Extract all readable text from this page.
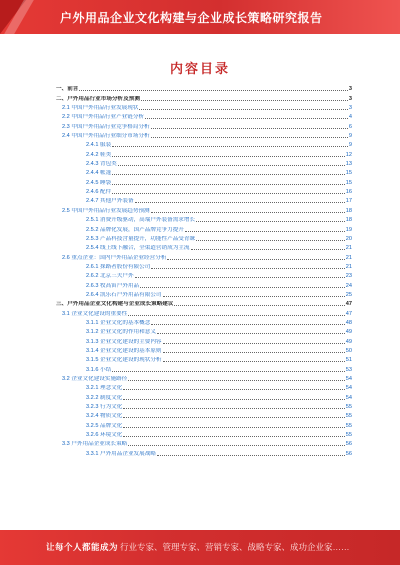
户外用品企业文化构建与企业成长策略研究报告
内容目录
一、前言	3
二、户外用品行业市场分析及预测	3
2.1 中国户外用品行业发展现状	3
2.2 中国户外用品行业产业链分析	4
2.3 中国户外用品行业竞争格局分析	6
2.4 中国户外用品行业细分市场分析	9
2.4.1 服装	9
2.4.2 鞋类	12
2.4.3 背包类	13
2.4.4 帐篷	15
2.4.5 睡袋	15
2.4.6 配件	16
2.4.7 其他户外装备	17
2.5 中国户外用品行业发展趋势预测	18
2.5.1 消费升级驱动，高端户外装备需求增长	18
2.5.2 品牌化发展，国产品牌竞争力提升	19
2.5.3 产品科技含量提升，功能性产品受青睐	20
2.5.4 线上线下融合，全渠道营销成为主流	21
2.6 重点企业：国内户外用品企业经营分析	21
2.6.1 探路者股份有限公司	21
2.6.2 北京三夫户外	23
2.6.3 牧高笛户外用品	24
2.6.4 凯乐石户外用品有限公司	25
三、户外用品企业文化构建与企业成长策略建议	47
3.1 企业文化建设的重要性	47
3.1.1 企业文化的基本概念	48
3.1.2 企业文化的作用和意义	49
3.1.3 企业文化建设的主要内容	49
3.1.4 企业文化建设的基本原则	50
3.1.5 企业文化建设的现状分析	51
3.1.6 小结	53
3.2 企业文化建设实施路径	54
3.2.1 理念文化	54
3.2.2 制度文化	54
3.2.3 行为文化	55
3.2.4 物质文化	55
3.2.5 品牌文化	55
3.2.6 环境文化	55
3.3 户外用品企业成长策略	56
3.3.1 户外用品企业发展战略	56
让每个人都能成为 行业专家、管理专家、营销专家、战略专家、成功企业家……
